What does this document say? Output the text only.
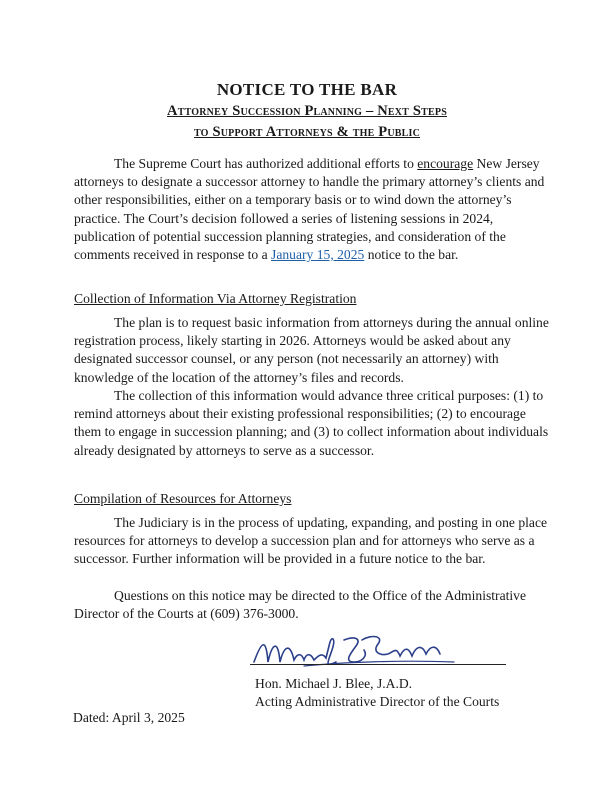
NOTICE TO THE BAR
Attorney Succession Planning – Next Steps
to Support Attorneys & the Public

The Supreme Court has authorized additional efforts to encourage New Jersey attorneys to designate a successor attorney to handle the primary attorney’s clients and other responsibilities, either on a temporary basis or to wind down the attorney’s practice. The Court’s decision followed a series of listening sessions in 2024, publication of potential succession planning strategies, and consideration of the comments received in response to a January 15, 2025 notice to the bar.

Collection of Information Via Attorney Registration

The plan is to request basic information from attorneys during the annual online registration process, likely starting in 2026. Attorneys would be asked about any designated successor counsel, or any person (not necessarily an attorney) with knowledge of the location of the attorney’s files and records.

The collection of this information would advance three critical purposes: (1) to remind attorneys about their existing professional responsibilities; (2) to encourage them to engage in succession planning; and (3) to collect information about individuals already designated by attorneys to serve as a successor.

Compilation of Resources for Attorneys

The Judiciary is in the process of updating, expanding, and posting in one place resources for attorneys to develop a succession plan and for attorneys who serve as a successor. Further information will be provided in a future notice to the bar.

Questions on this notice may be directed to the Office of the Administrative Director of the Courts at (609) 376-3000.

Hon. Michael J. Blee, J.A.D.
Acting Administrative Director of the Courts
Dated: April 3, 2025
